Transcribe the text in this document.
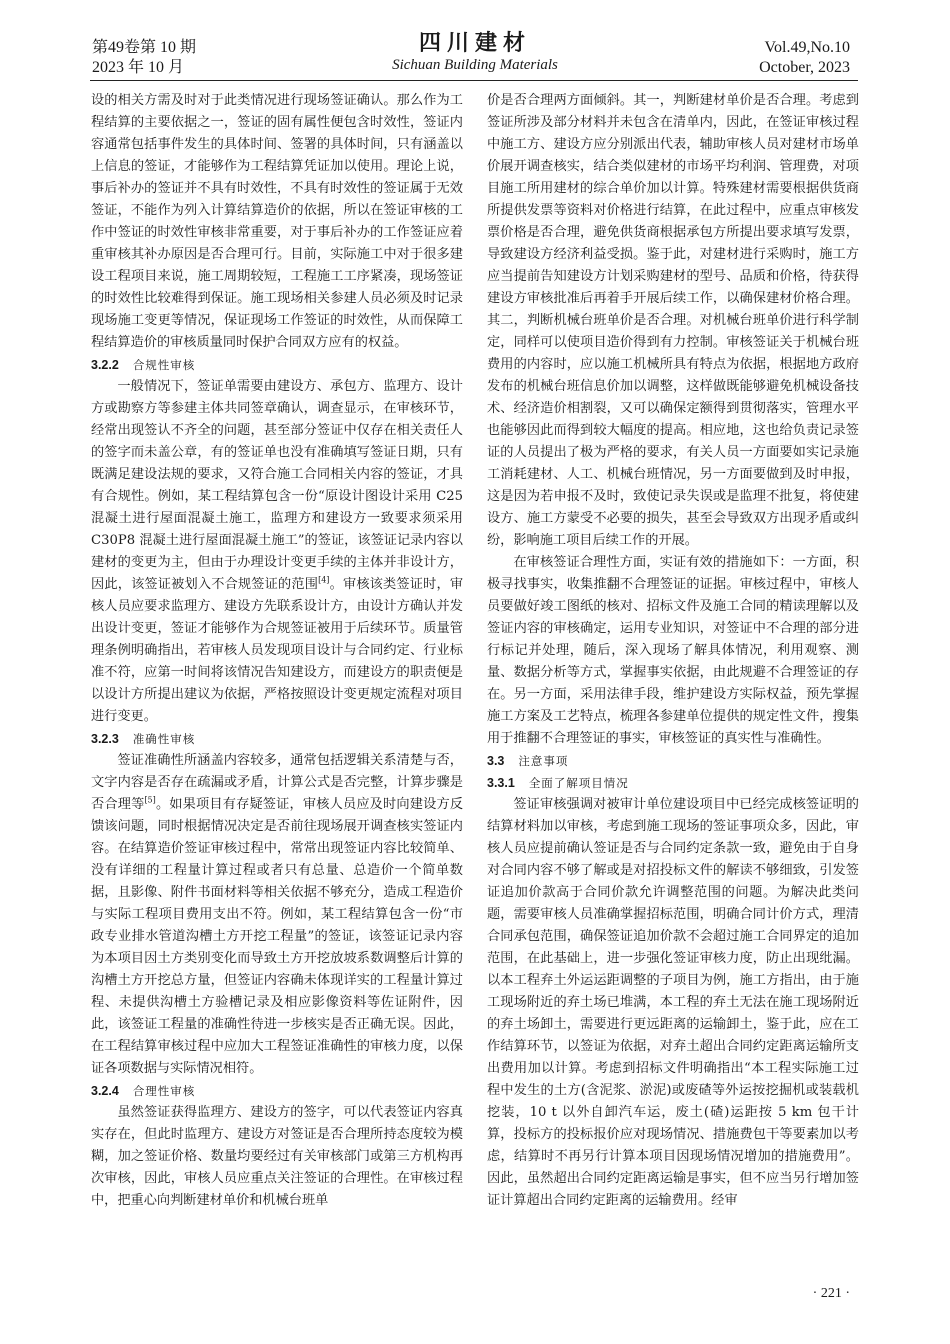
第49卷第 10 期
2023 年 10 月
四川建材
Sichuan Building Materials
Vol.49,No.10
October, 2023

设的相关方需及时对于此类情况进行现场签证确认。那么作为工程结算的主要依据之一，签证的固有属性便包含时效性，签证内容通常包括事件发生的具体时间、签署的具体时间，只有涵盖以上信息的签证，才能够作为工程结算凭证加以使用。理论上说，事后补办的签证并不具有时效性，不具有时效性的签证属于无效签证，不能作为列入计算结算造价的依据，所以在签证审核的工作中签证的时效性审核非常重要，对于事后补办的工作签证应着重审核其补办原因是否合理可行。目前，实际施工中对于很多建设工程项目来说，施工周期较短，工程施工工序紧凑，现场签证的时效性比较难得到保证。施工现场相关参建人员必须及时记录现场施工变更等情况，保证现场工作签证的时效性，从而保障工程结算造价的审核质量同时保护合同双方应有的权益。

3.2.2 合规性审核

一般情况下，签证单需要由建设方、承包方、监理方、设计方或勘察方等参建主体共同签章确认，调查显示，在审核环节，经常出现签认不齐全的问题，甚至部分签证中仅存在相关责任人的签字而未盖公章，有的签证单也没有准确填写签证日期，只有既满足建设法规的要求，又符合施工合同相关内容的签证，才具有合规性。例如，某工程结算包含一份“原设计图设计采用 C25 混凝土进行屋面混凝土施工，监理方和建设方一致要求须采用 C30P8 混凝土进行屋面混凝土施工”的签证，该签证记录内容以建材的变更为主，但由于办理设计变更手续的主体并非设计方，因此，该签证被划入不合规签证的范围[4]。审核该类签证时，审核人员应要求监理方、建设方先联系设计方，由设计方确认并发出设计变更，签证才能够作为合规签证被用于后续环节。质量管理条例明确指出，若审核人员发现项目设计与合同约定、行业标准不符，应第一时间将该情况告知建设方，而建设方的职责便是以设计方所提出建议为依据，严格按照设计变更规定流程对项目进行变更。

3.2.3 准确性审核

签证准确性所涵盖内容较多，通常包括逻辑关系清楚与否，文字内容是否存在疏漏或矛盾，计算公式是否完整，计算步骤是否合理等[5]。如果项目有存疑签证，审核人员应及时向建设方反馈该问题，同时根据情况决定是否前往现场展开调查核实签证内容。在结算造价签证审核过程中，常常出现签证内容比较简单、没有详细的工程量计算过程或者只有总量、总造价一个简单数据，且影像、附件书面材料等相关依据不够充分，造成工程造价与实际工程项目费用支出不符。例如，某工程结算包含一份“市政专业排水管道沟槽土方开挖工程量”的签证，该签证记录内容为本项目因土方类别变化而导致土方开挖放坡系数调整后计算的沟槽土方开挖总方量，但签证内容确未体现详实的工程量计算过程、未提供沟槽土方验槽记录及相应影像资料等佐证附件，因此，该签证工程量的准确性待进一步核实是否正确无误。因此，在工程结算审核过程中应加大工程签证准确性的审核力度，以保证各项数据与实际情况相符。

3.2.4 合理性审核

虽然签证获得监理方、建设方的签字，可以代表签证内容真实存在，但此时监理方、建设方对签证是否合理所持态度较为模糊，加之签证价格、数量均要经过有关审核部门或第三方机构再次审核，因此，审核人员应重点关注签证的合理性。在审核过程中，把重心向判断建材单价和机械台班单

价是否合理两方面倾斜。其一，判断建材单价是否合理。考虑到签证所涉及部分材料并未包含在清单内，因此，在签证审核过程中施工方、建设方应分别派出代表，辅助审核人员对建材市场单价展开调查核实，结合类似建材的市场平均利润、管理费，对项目施工所用建材的综合单价加以计算。特殊建材需要根据供货商所提供发票等资料对价格进行结算，在此过程中，应重点审核发票价格是否合理，避免供货商根据承包方所提出要求填写发票，导致建设方经济利益受损。鉴于此，对建材进行采购时，施工方应当提前告知建设方计划采购建材的型号、品质和价格，待获得建设方审核批准后再着手开展后续工作，以确保建材价格合理。其二，判断机械台班单价是否合理。对机械台班单价进行科学制定，同样可以使项目造价得到有力控制。审核签证关于机械台班费用的内容时，应以施工机械所具有特点为依据，根据地方政府发布的机械台班信息价加以调整，这样做既能够避免机械设备技术、经济造价相割裂，又可以确保定额得到贯彻落实，管理水平也能够因此而得到较大幅度的提高。相应地，这也给负责记录签证的人员提出了极为严格的要求，有关人员一方面要如实记录施工消耗建材、人工、机械台班情况，另一方面要做到及时申报，这是因为若申报不及时，致使记录失误或是监理不批复，将使建设方、施工方蒙受不必要的损失，甚至会导致双方出现矛盾或纠纷，影响施工项目后续工作的开展。

在审核签证合理性方面，实证有效的措施如下：一方面，积极寻找事实，收集推翻不合理签证的证据。审核过程中，审核人员要做好竣工图纸的核对、招标文件及施工合同的精读理解以及签证内容的审核确定，运用专业知识，对签证中不合理的部分进行标记并处理，随后，深入现场了解具体情况，利用观察、测量、数据分析等方式，掌握事实依据，由此规避不合理签证的存在。另一方面，采用法律手段，维护建设方实际权益，预先掌握施工方案及工艺特点，梳理各参建单位提供的规定性文件，搜集用于推翻不合理签证的事实，审核签证的真实性与准确性。

3.3 注意事项
3.3.1 全面了解项目情况

签证审核强调对被审计单位建设项目中已经完成核签证明的结算材料加以审核，考虑到施工现场的签证事项众多，因此，审核人员应提前确认签证是否与合同约定条款一致，避免由于自身对合同内容不够了解或是对招投标文件的解读不够细致，引发签证追加价款高于合同价款允许调整范围的问题。为解决此类问题，需要审核人员准确掌握招标范围，明确合同计价方式，理清合同承包范围，确保签证追加价款不会超过施工合同界定的追加范围，在此基础上，进一步强化签证审核力度，防止出现纰漏。以本工程弃土外运运距调整的子项目为例，施工方指出，由于施工现场附近的弃土场已堆满，本工程的弃土无法在施工现场附近的弃土场卸土，需要进行更远距离的运输卸土，鉴于此，应在工作结算环节，以签证为依据，对弃土超出合同约定距离运输所支出费用加以计算。考虑到招标文件明确指出“本工程实际施工过程中发生的土方(含泥浆、淤泥)或废碴等外运按挖掘机或装载机挖装，10 t 以外自卸汽车运，废土(碴)运距按 5 km 包干计算，投标方的投标报价应对现场情况、措施费包干等要素加以考虑，结算时不再另行计算本项目因现场情况增加的措施费用”。因此，虽然超出合同约定距离运输是事实，但不应当另行增加签证计算超出合同约定距离的运输费用。经审

· 221 ·
